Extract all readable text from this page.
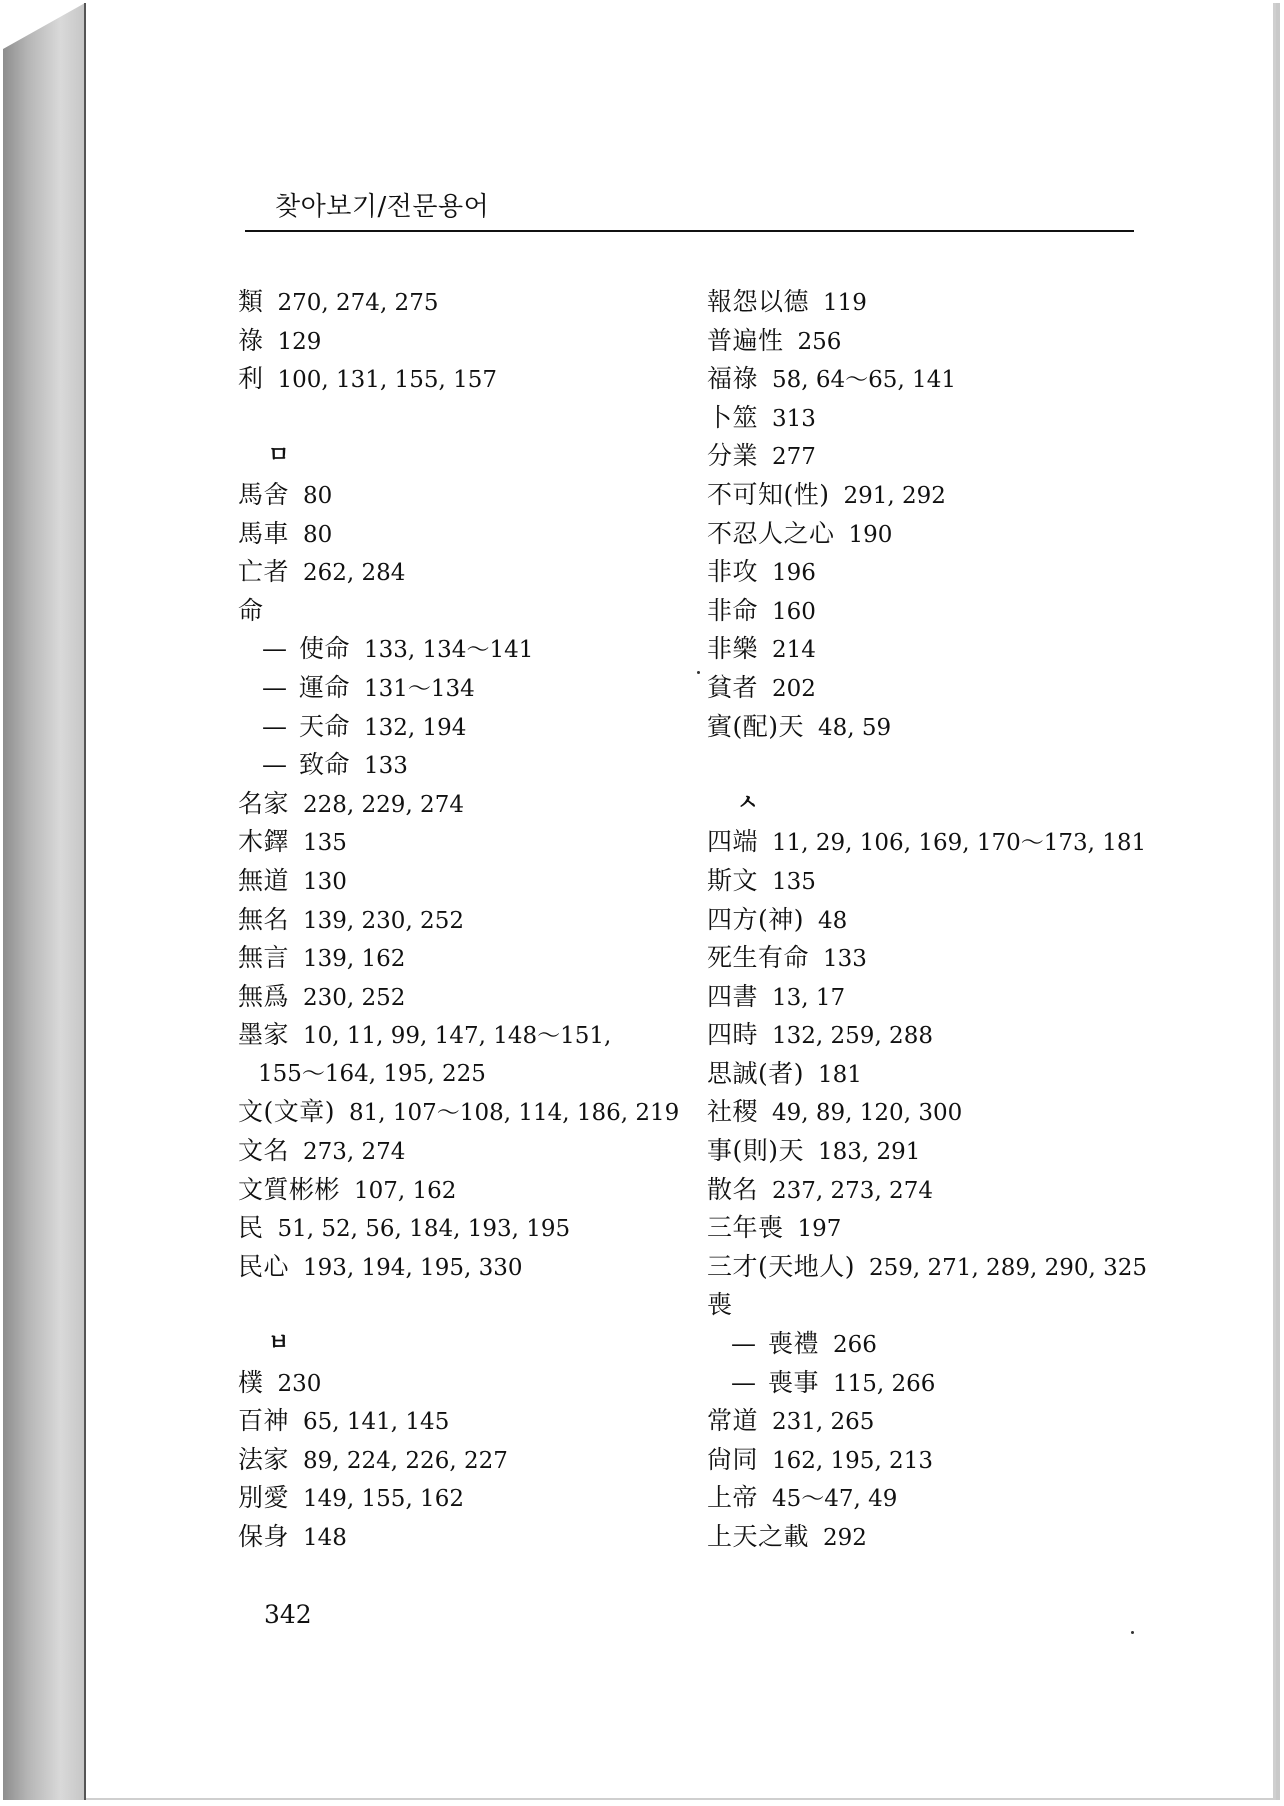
찾아보기/전문용어
類 270, 274, 275
祿 129
利 100, 131, 155, 157
ㅁ
馬舍 80
馬車 80
亡者 262, 284
命
— 使命 133, 134〜141
— 運命 131〜134
— 天命 132, 194
— 致命 133
名家 228, 229, 274
木鐸 135
無道 130
無名 139, 230, 252
無言 139, 162
無爲 230, 252
墨家 10, 11, 99, 147, 148〜151,
155〜164, 195, 225
文(文章) 81, 107〜108, 114, 186, 219
文名 273, 274
文質彬彬 107, 162
民 51, 52, 56, 184, 193, 195
民心 193, 194, 195, 330
ㅂ
樸 230
百神 65, 141, 145
法家 89, 224, 226, 227
別愛 149, 155, 162
保身 148
報怨以德 119
普遍性 256
福祿 58, 64〜65, 141
卜筮 313
分業 277
不可知(性) 291, 292
不忍人之心 190
非攻 196
非命 160
非樂 214
貧者 202
賓(配)天 48, 59
ㅅ
四端 11, 29, 106, 169, 170〜173, 181
斯文 135
四方(神) 48
死生有命 133
四書 13, 17
四時 132, 259, 288
思誠(者) 181
社稷 49, 89, 120, 300
事(則)天 183, 291
散名 237, 273, 274
三年喪 197
三才(天地人) 259, 271, 289, 290, 325
喪
— 喪禮 266
— 喪事 115, 266
常道 231, 265
尙同 162, 195, 213
上帝 45〜47, 49
上天之載 292
342
